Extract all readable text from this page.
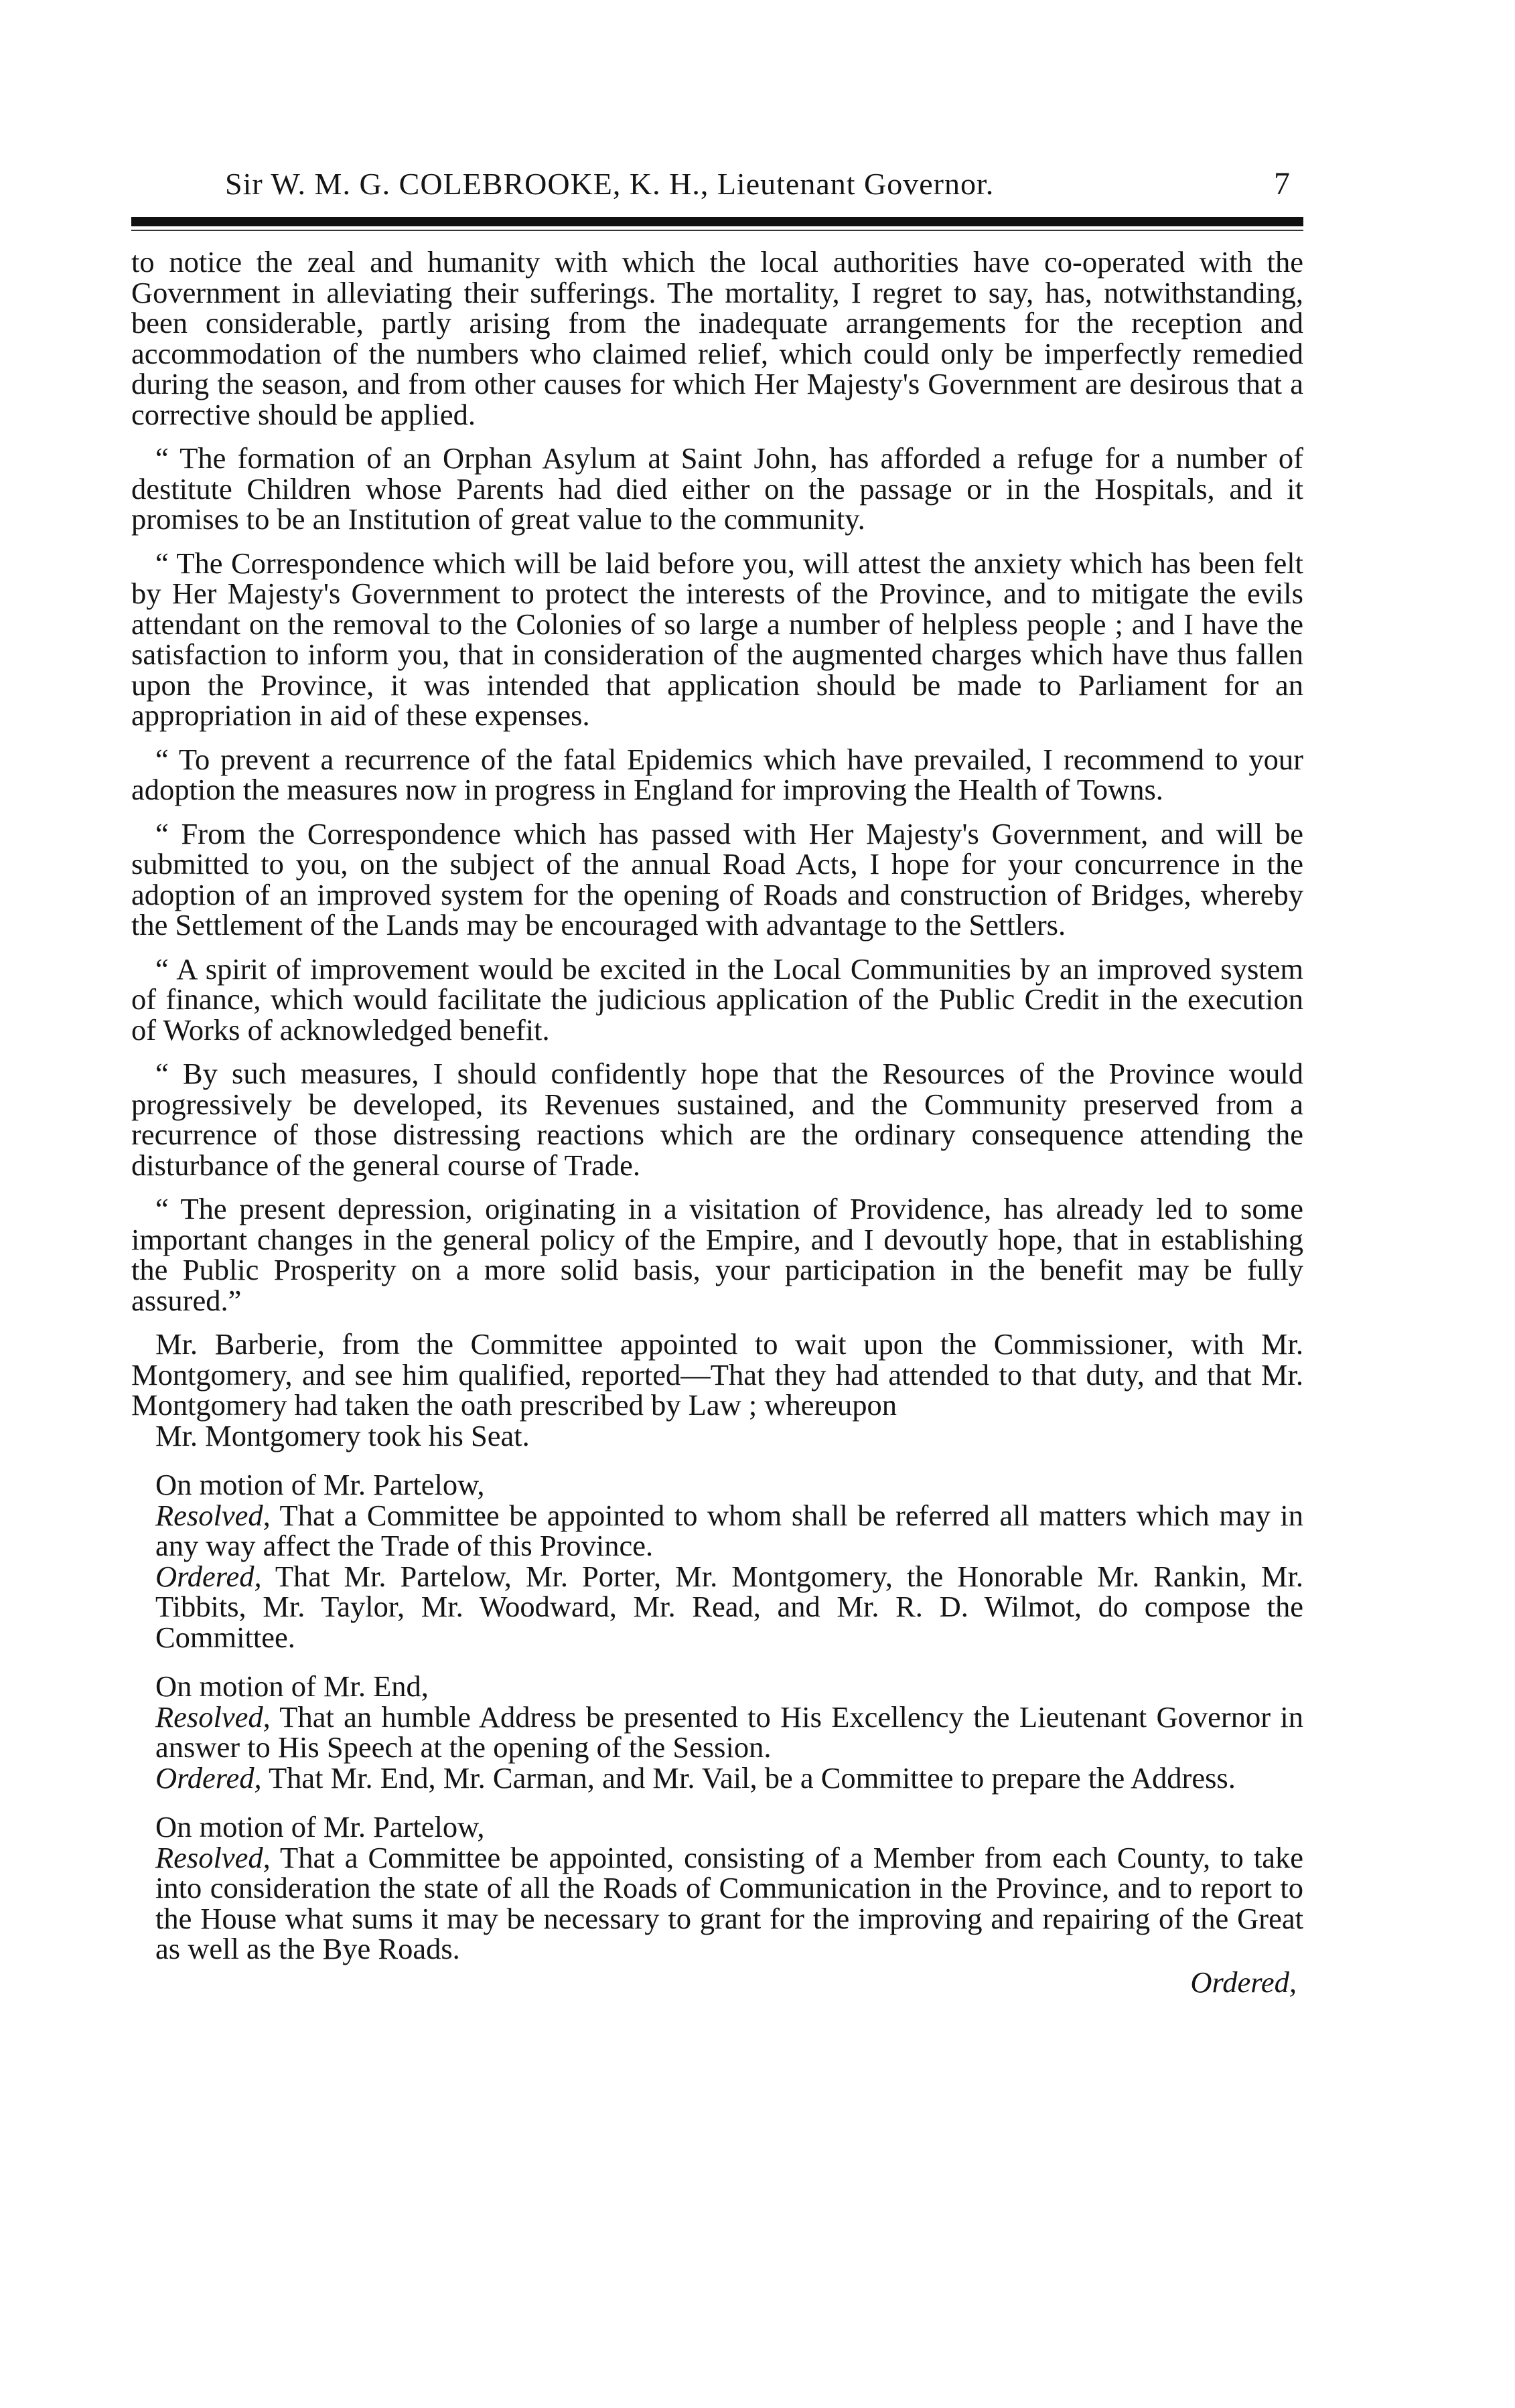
Sir W. M. G. COLEBROOKE, K. H., Lieutenant Governor.	7

to notice the zeal and humanity with which the local authorities have co-operated with the Government in alleviating their sufferings. The mortality, I regret to say, has, notwithstanding, been considerable, partly arising from the inadequate arrangements for the reception and accommodation of the numbers who claimed relief, which could only be imperfectly remedied during the season, and from other causes for which Her Majesty's Government are desirous that a corrective should be applied.

“ The formation of an Orphan Asylum at Saint John, has afforded a refuge for a number of destitute Children whose Parents had died either on the passage or in the Hospitals, and it promises to be an Institution of great value to the community.

“ The Correspondence which will be laid before you, will attest the anxiety which has been felt by Her Majesty's Government to protect the interests of the Province, and to mitigate the evils attendant on the removal to the Colonies of so large a number of helpless people ; and I have the satisfaction to inform you, that in consideration of the augmented charges which have thus fallen upon the Province, it was intended that application should be made to Parliament for an appropriation in aid of these expenses.

“ To prevent a recurrence of the fatal Epidemics which have prevailed, I recommend to your adoption the measures now in progress in England for improving the Health of Towns.

“ From the Correspondence which has passed with Her Majesty's Government, and will be submitted to you, on the subject of the annual Road Acts, I hope for your concurrence in the adoption of an improved system for the opening of Roads and construction of Bridges, whereby the Settlement of the Lands may be encouraged with advantage to the Settlers.

“ A spirit of improvement would be excited in the Local Communities by an improved system of finance, which would facilitate the judicious application of the Public Credit in the execution of Works of acknowledged benefit.

“ By such measures, I should confidently hope that the Resources of the Province would progressively be developed, its Revenues sustained, and the Community preserved from a recurrence of those distressing reactions which are the ordinary consequence attending the disturbance of the general course of Trade.

“ The present depression, originating in a visitation of Providence, has already led to some important changes in the general policy of the Empire, and I devoutly hope, that in establishing the Public Prosperity on a more solid basis, your participation in the benefit may be fully assured.”

Mr. Barberie, from the Committee appointed to wait upon the Commissioner, with Mr. Montgomery, and see him qualified, reported—That they had attended to that duty, and that Mr. Montgomery had taken the oath prescribed by Law ; whereupon

Mr. Montgomery took his Seat.

On motion of Mr. Partelow,
Resolved, That a Committee be appointed to whom shall be referred all matters which may in any way affect the Trade of this Province.
Ordered, That Mr. Partelow, Mr. Porter, Mr. Montgomery, the Honorable Mr. Rankin, Mr. Tibbits, Mr. Taylor, Mr. Woodward, Mr. Read, and Mr. R. D. Wilmot, do compose the Committee.
On motion of Mr. End,
Resolved, That an humble Address be presented to His Excellency the Lieutenant Governor in answer to His Speech at the opening of the Session.
Ordered, That Mr. End, Mr. Carman, and Mr. Vail, be a Committee to prepare the Address.
On motion of Mr. Partelow,
Resolved, That a Committee be appointed, consisting of a Member from each County, to take into consideration the state of all the Roads of Communication in the Province, and to report to the House what sums it may be necessary to grant for the improving and repairing of the Great as well as the Bye Roads.
Ordered,
